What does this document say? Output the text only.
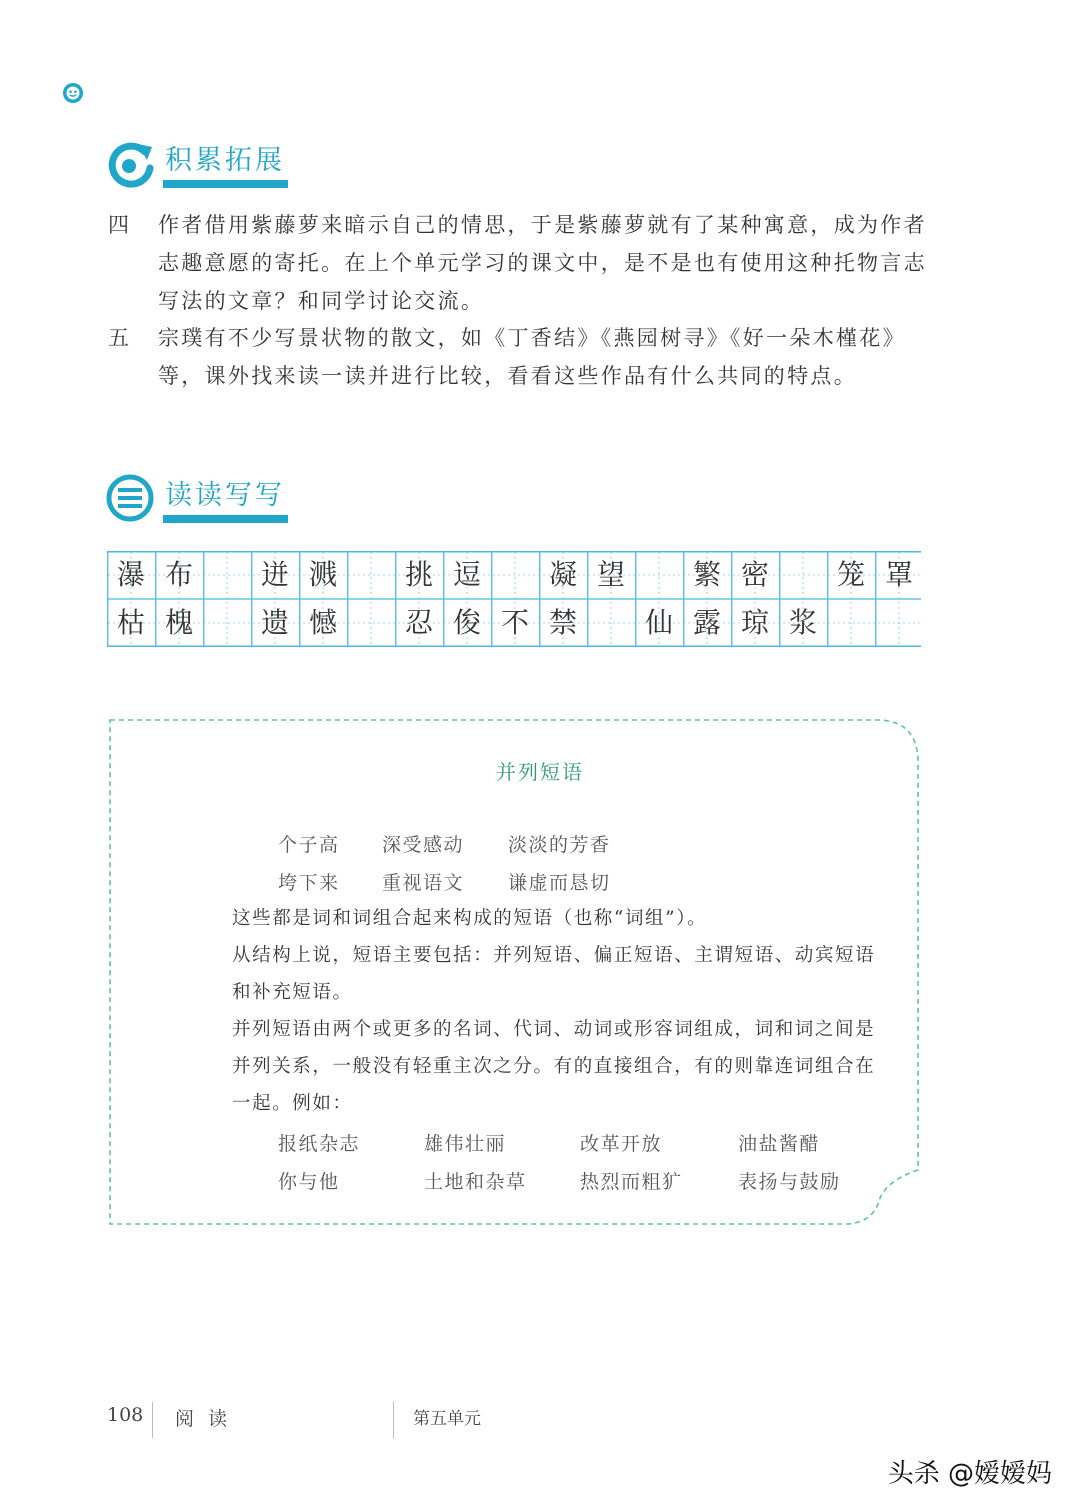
积累拓展
四 作者借用紫藤萝来暗示自己的情思，于是紫藤萝就有了某种寓意，成为作者志趣意愿的寄托。在上个单元学习的课文中，是不是也有使用这种托物言志写法的文章？和同学讨论交流。
五 宗璞有不少写景状物的散文，如《丁香结》《燕园树寻》《好一朵木槿花》等，课外找来读一读并进行比较，看看这些作品有什么共同的特点。
读读写写
瀑 布	迸 溅	挑 逗	凝 望	繁 密	笼 罩
枯 槐	遗 憾	忍 俊 不 禁	仙 露 琼 浆
并列短语
个子高 深受感动 淡淡的芳香
垮下来 重视语文 谦虚而恳切
这些都是词和词组合起来构成的短语（也称“词组”）。
从结构上说，短语主要包括：并列短语、偏正短语、主谓短语、动宾短语和补充短语。
并列短语由两个或更多的名词、代词、动词或形容词组成，词和词之间是并列关系，一般没有轻重主次之分。有的直接组合，有的则靠连词组合在一起。例如：
报纸杂志	雄伟壮丽	改革开放	油盐酱醋
你与他	土地和杂草	热烈而粗犷	表扬与鼓励
108 阅 读	第五单元
头杀 @嫒嫒妈
